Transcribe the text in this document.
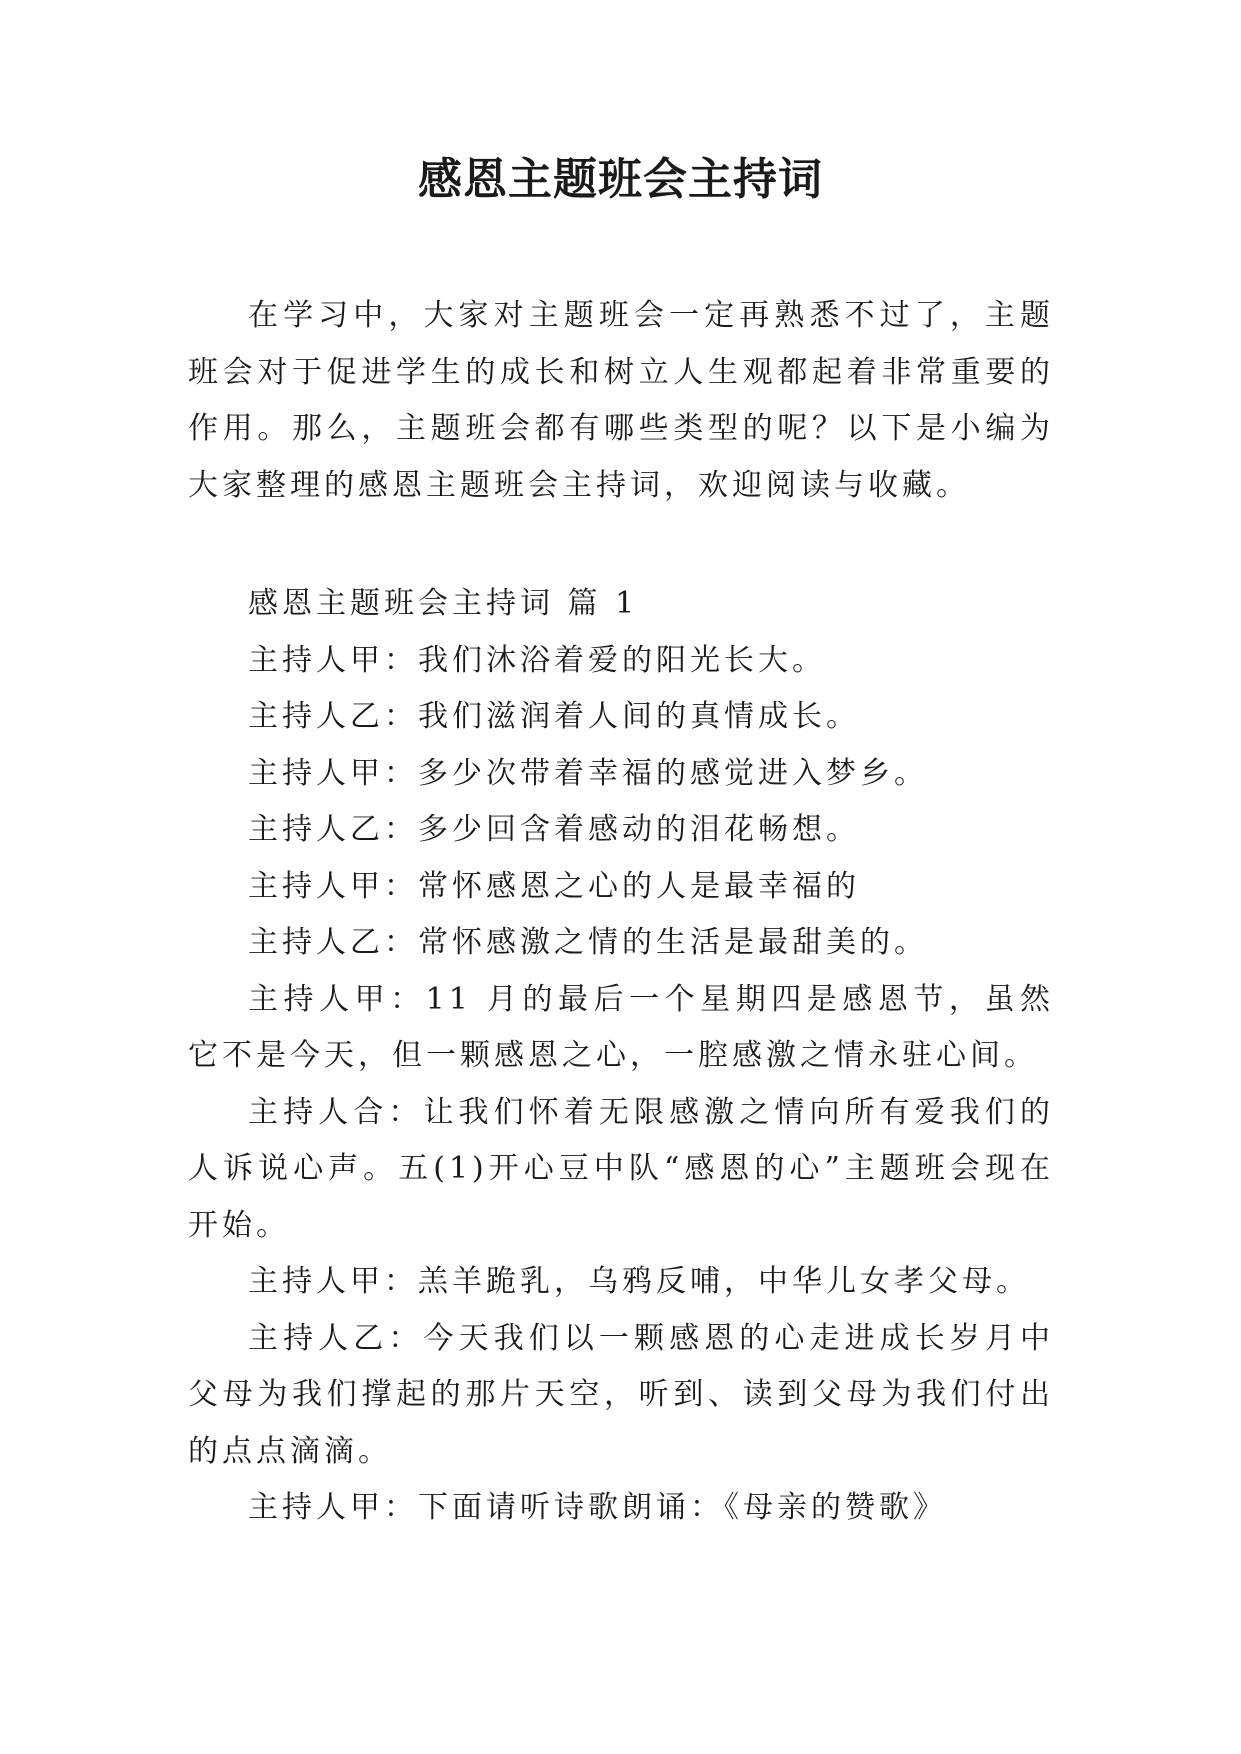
感恩主题班会主持词

在学习中，大家对主题班会一定再熟悉不过了，主题班会对于促进学生的成长和树立人生观都起着非常重要的作用。那么，主题班会都有哪些类型的呢？以下是小编为大家整理的感恩主题班会主持词，欢迎阅读与收藏。

感恩主题班会主持词 篇 1

主持人甲：我们沐浴着爱的阳光长大。

主持人乙：我们滋润着人间的真情成长。

主持人甲：多少次带着幸福的感觉进入梦乡。

主持人乙：多少回含着感动的泪花畅想。

主持人甲：常怀感恩之心的人是最幸福的

主持人乙：常怀感激之情的生活是最甜美的。

主持人甲：11 月的最后一个星期四是感恩节，虽然它不是今天，但一颗感恩之心，一腔感激之情永驻心间。

主持人合：让我们怀着无限感激之情向所有爱我们的人诉说心声。五(1)开心豆中队“感恩的心”主题班会现在开始。

主持人甲：羔羊跪乳，乌鸦反哺，中华儿女孝父母。

主持人乙：今天我们以一颗感恩的心走进成长岁月中父母为我们撑起的那片天空，听到、读到父母为我们付出的点点滴滴。

主持人甲：下面请听诗歌朗诵：《母亲的赞歌》
